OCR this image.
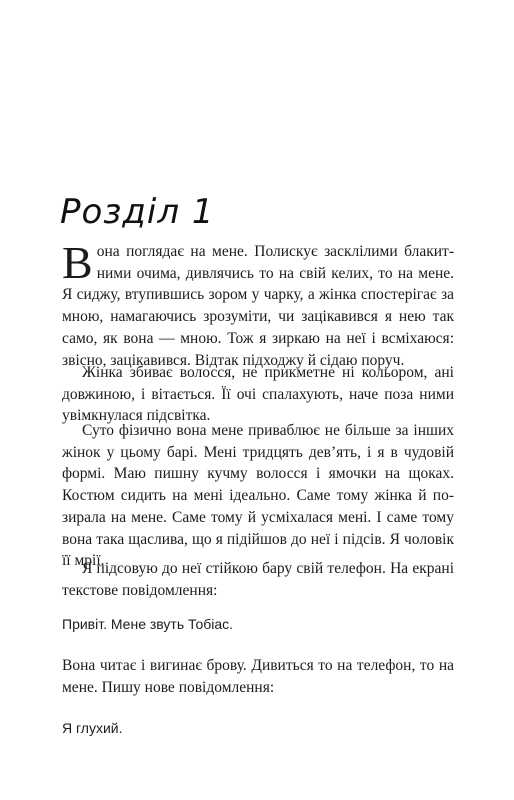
Розділ 1

Вона поглядає на мене. Полискує засклілими блакитними очима, дивлячись то на свій келих, то на мене. Я сиджу, втупившись зором у чарку, а жінка спостерігає за мною, намагаючись зрозуміти, чи зацікавився я нею так само, як вона — мною. Тож я зиркаю на неї і всміхаюся: звісно, зацікавився. Відтак підходжу й сідаю поруч.

Жінка збиває волосся, не прикметне ні кольором, ані довжиною, і вітається. Її очі спалахують, наче поза ними увімкнулася підсвітка.

Суто фізично вона мене приваблює не більше за інших жінок у цьому барі. Мені тридцять дев’ять, і я в чудовій формі. Маю пишну кучму волосся і ямочки на щоках. Костюм сидить на мені ідеально. Саме тому жінка й позирала на мене. Саме тому й усміхалася мені. І саме тому вона така щаслива, що я підійшов до неї і підсів. Я чоловік її мрії.

Я підсовую до неї стійкою бару свій телефон. На екрані текстове повідомлення:

Привіт. Мене звуть Тобіас.

Вона читає і вигинає брову. Дивиться то на телефон, то на мене. Пишу нове повідомлення:

Я глухий.
